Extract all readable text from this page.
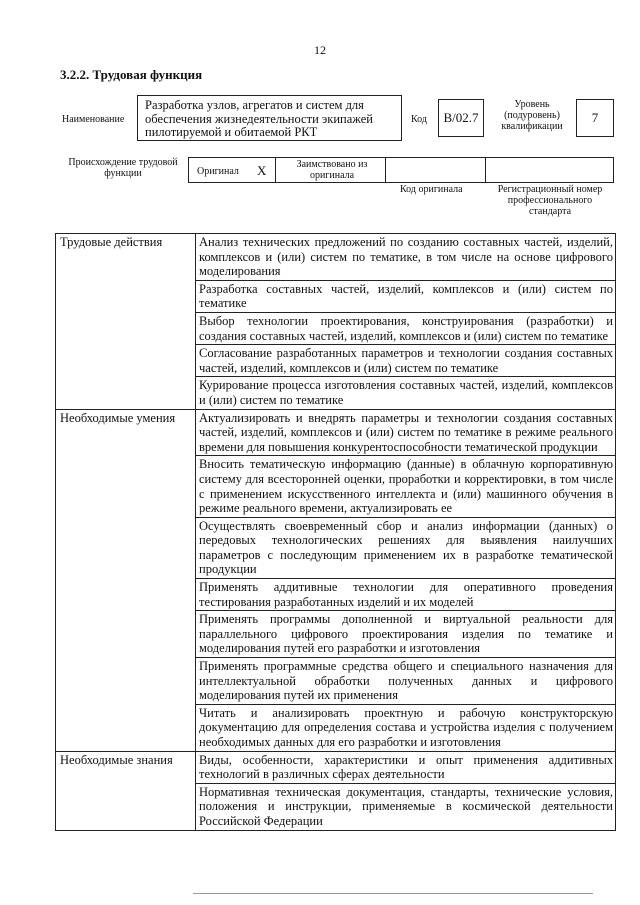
12
3.2.2. Трудовая функция
Наименование
Разработка узлов, агрегатов и систем для обеспечения жизнедеятельности экипажей пилотируемой и обитаемой РКТ
Код	B/02.7
Уровень (подуровень) квалификации
7
Происхождение трудовой функции	Оригинал X	Заимствовано из оригинала
Код оригинала	Регистрационный номер профессионального стандарта
Трудовые действия	Анализ технических предложений по созданию составных частей, изделий, комплексов и (или) систем по тематике, в том числе на основе цифрового моделирования
	Разработка составных частей, изделий, комплексов и (или) систем по тематике
	Выбор технологии проектирования, конструирования (разработки) и создания составных частей, изделий, комплексов и (или) систем по тематике
	Согласование разработанных параметров и технологии создания составных частей, изделий, комплексов и (или) систем по тематике
	Курирование процесса изготовления составных частей, изделий, комплексов и (или) систем по тематике
Необходимые умения	Актуализировать и внедрять параметры и технологии создания составных частей, изделий, комплексов и (или) систем по тематике в режиме реального времени для повышения конкурентоспособности тематической продукции
	Вносить тематическую информацию (данные) в облачную корпоративную систему для всесторонней оценки, проработки и корректировки, в том числе с применением искусственного интеллекта и (или) машинного обучения в режиме реального времени, актуализировать ее
	Осуществлять своевременный сбор и анализ информации (данных) о передовых технологических решениях для выявления наилучших параметров с последующим применением их в разработке тематической продукции
	Применять аддитивные технологии для оперативного проведения тестирования разработанных изделий и их моделей
	Применять программы дополненной и виртуальной реальности для параллельного цифрового проектирования изделия по тематике и моделирования путей его разработки и изготовления
	Применять программные средства общего и специального назначения для интеллектуальной обработки полученных данных и цифрового моделирования путей их применения
	Читать и анализировать проектную и рабочую конструкторскую документацию для определения состава и устройства изделия с получением необходимых данных для его разработки и изготовления
Необходимые знания	Виды, особенности, характеристики и опыт применения аддитивных технологий в различных сферах деятельности
	Нормативная техническая документация, стандарты, технические условия, положения и инструкции, применяемые в космической деятельности Российской Федерации
